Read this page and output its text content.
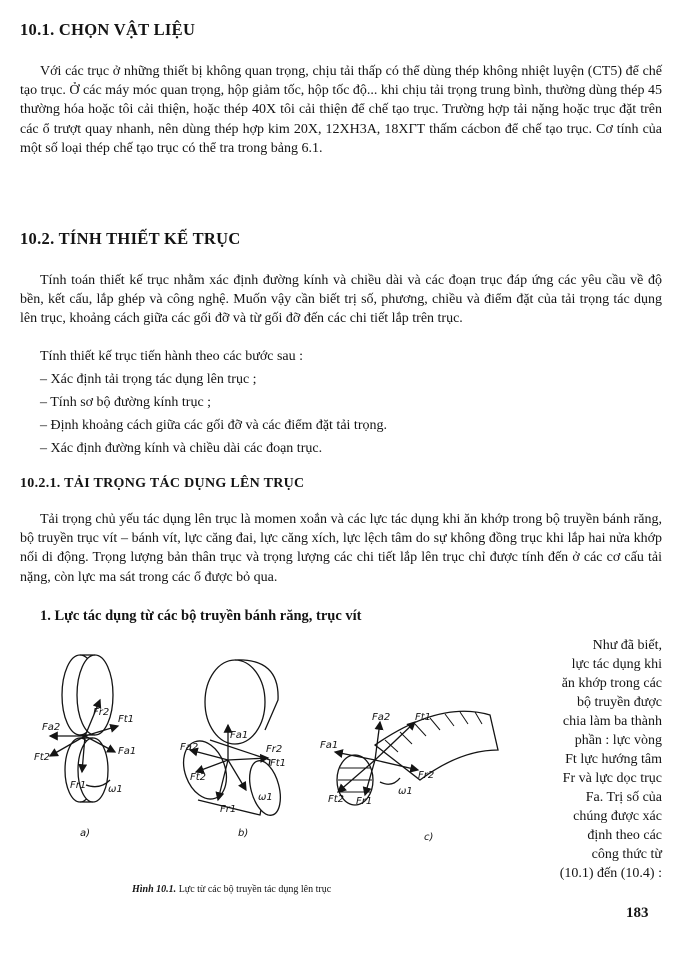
10.1. CHỌN VẬT LIỆU

Với các trục ở những thiết bị không quan trọng, chịu tải thấp có thể dùng thép không nhiệt luyện (CT5) để chế tạo trục. Ở các máy móc quan trọng, hộp giảm tốc, hộp tốc độ... khi chịu tải trọng trung bình, thường dùng thép 45 thường hóa hoặc tôi cải thiện, hoặc thép 40X tôi cải thiện để chế tạo trục. Trường hợp tải nặng hoặc trục đặt trên các ổ trượt quay nhanh, nên dùng thép hợp kim 20X, 12XH3A, 18XГТ thấm cácbon để chế tạo trục. Cơ tính của một số loại thép chế tạo trục có thể tra trong bảng 6.1.

10.2. TÍNH THIẾT KẾ TRỤC

Tính toán thiết kế trục nhằm xác định đường kính và chiều dài và các đoạn trục đáp ứng các yêu cầu về độ bền, kết cấu, lắp ghép và công nghệ. Muốn vậy cần biết trị số, phương, chiều và điểm đặt của tải trọng tác dụng lên trục, khoảng cách giữa các gối đỡ và từ gối đỡ đến các chi tiết lắp trên trục.

Tính thiết kế trục tiến hành theo các bước sau :

– Xác định tải trọng tác dụng lên trục ;

– Tính sơ bộ đường kính trục ;

– Định khoảng cách giữa các gối đỡ và các điểm đặt tải trọng.

– Xác định đường kính và chiều dài các đoạn trục.

10.2.1. TẢI TRỌNG TÁC DỤNG LÊN TRỤC

Tải trọng chủ yếu tác dụng lên trục là momen xoắn và các lực tác dụng khi ăn khớp trong bộ truyền bánh răng, bộ truyền trục vít – bánh vít, lực căng đai, lực căng xích, lực lệch tâm do sự không đồng trục khi lắp hai nửa khớp nối di động. Trọng lượng bản thân trục và trọng lượng các chi tiết lắp lên trục chỉ được tính đến ở các cơ cấu tải nặng, còn lực ma sát trong các ổ được bỏ qua.

1. Lực tác dụng từ các bộ truyền bánh răng, trục vít
Như đã biết,
lực tác dụng khi
ăn khớp trong các
bộ truyền được
chia làm ba thành
phần : lực vòng
Ft lực hướng tâm
Fr và lực dọc trục
Fa. Trị số của
chúng được xác
định theo các
công thức từ
(10.1) đến (10.4) :
Fr2
Ft1
Fa2
Fa1
Ft2
Fr1 ω1
Fa1
Fr2
Ft1
Fa2
Ft2
Fr1
ω1
Fa2 Ft1
Fa1
Fr2
Ft2 Fr1
ω1
a)	b)	c)

Hình 10.1. Lực từ các bộ truyền tác dụng lên trục

183
